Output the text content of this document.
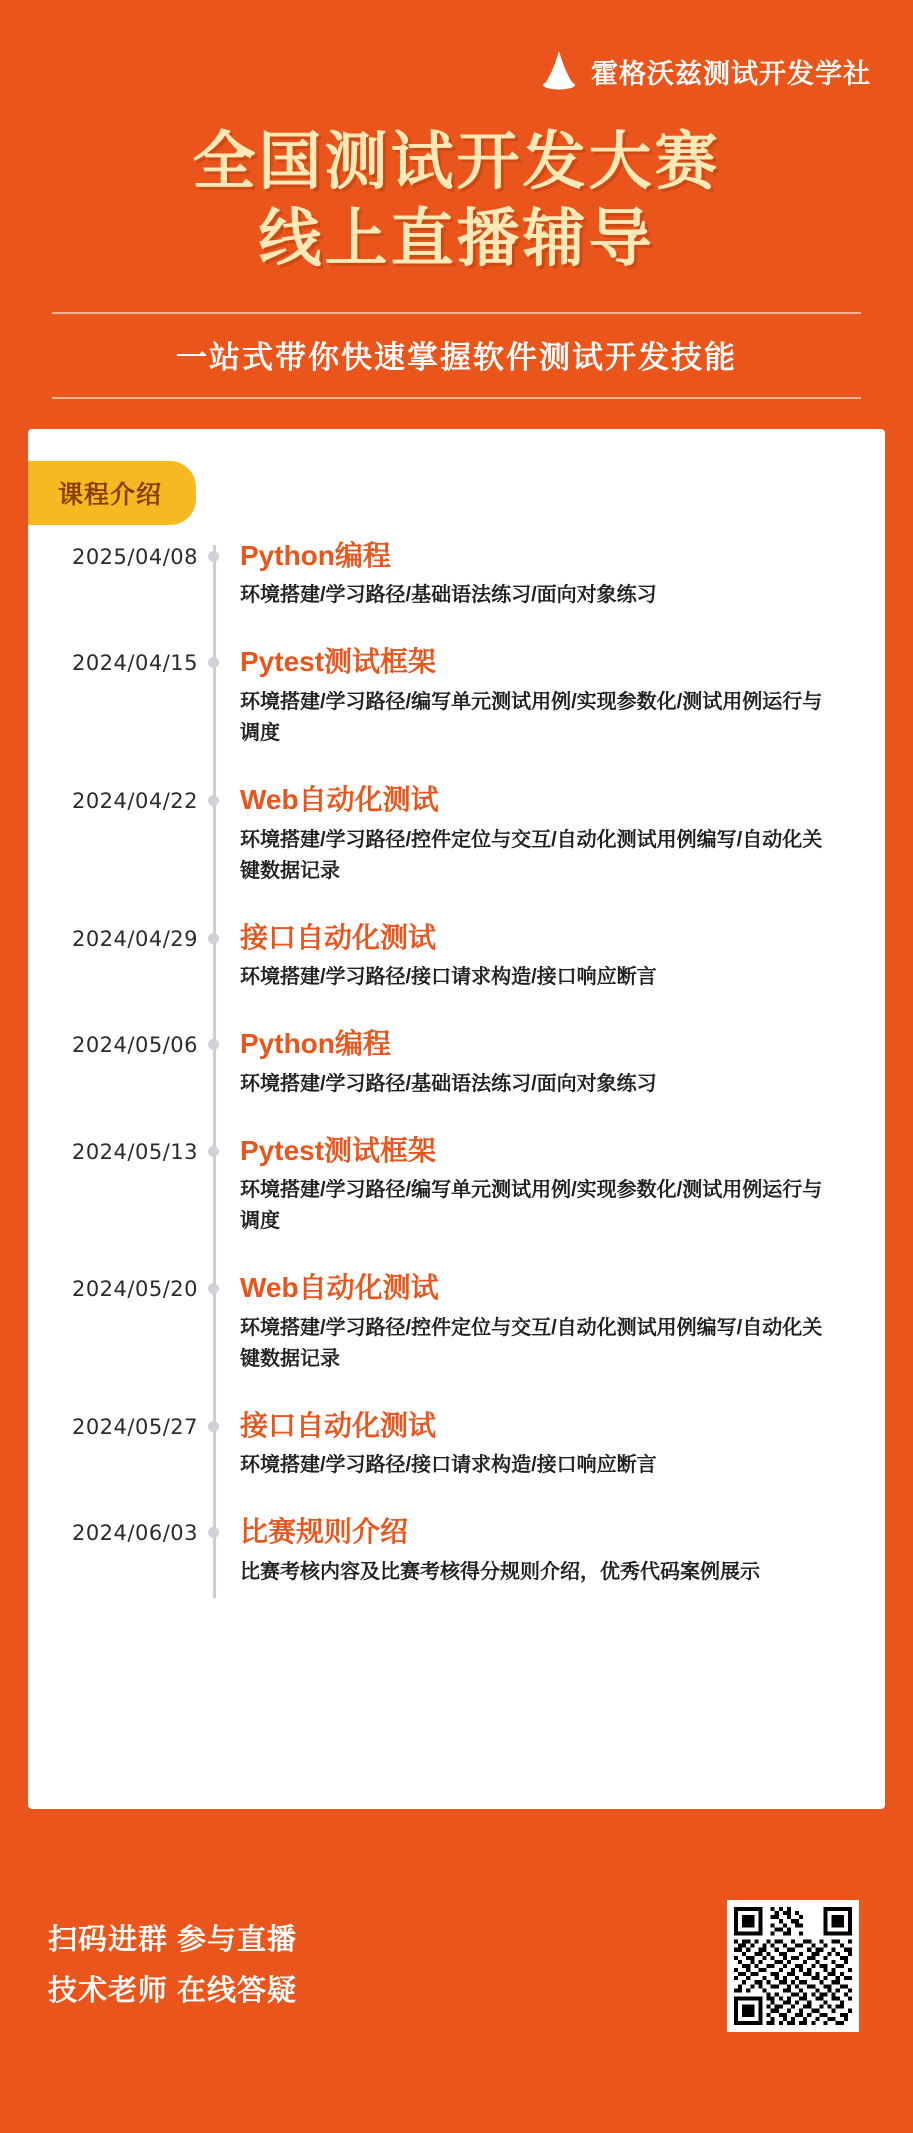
霍格沃兹测试开发学社
全国测试开发大赛
线上直播辅导
一站式带你快速掌握软件测试开发技能
课程介绍
2025/04/08 Python编程
环境搭建/学习路径/基础语法练习/面向对象练习
2024/04/15 Pytest测试框架
环境搭建/学习路径/编写单元测试用例/实现参数化/测试用例运行与调度
2024/04/22 Web自动化测试
环境搭建/学习路径/控件定位与交互/自动化测试用例编写/自动化关键数据记录
2024/04/29 接口自动化测试
环境搭建/学习路径/接口请求构造/接口响应断言
2024/05/06 Python编程
环境搭建/学习路径/基础语法练习/面向对象练习
2024/05/13 Pytest测试框架
环境搭建/学习路径/编写单元测试用例/实现参数化/测试用例运行与调度
2024/05/20 Web自动化测试
环境搭建/学习路径/控件定位与交互/自动化测试用例编写/自动化关键数据记录
2024/05/27 接口自动化测试
环境搭建/学习路径/接口请求构造/接口响应断言
2024/06/03 比赛规则介绍
比赛考核内容及比赛考核得分规则介绍，优秀代码案例展示
扫码进群 参与直播
技术老师 在线答疑
